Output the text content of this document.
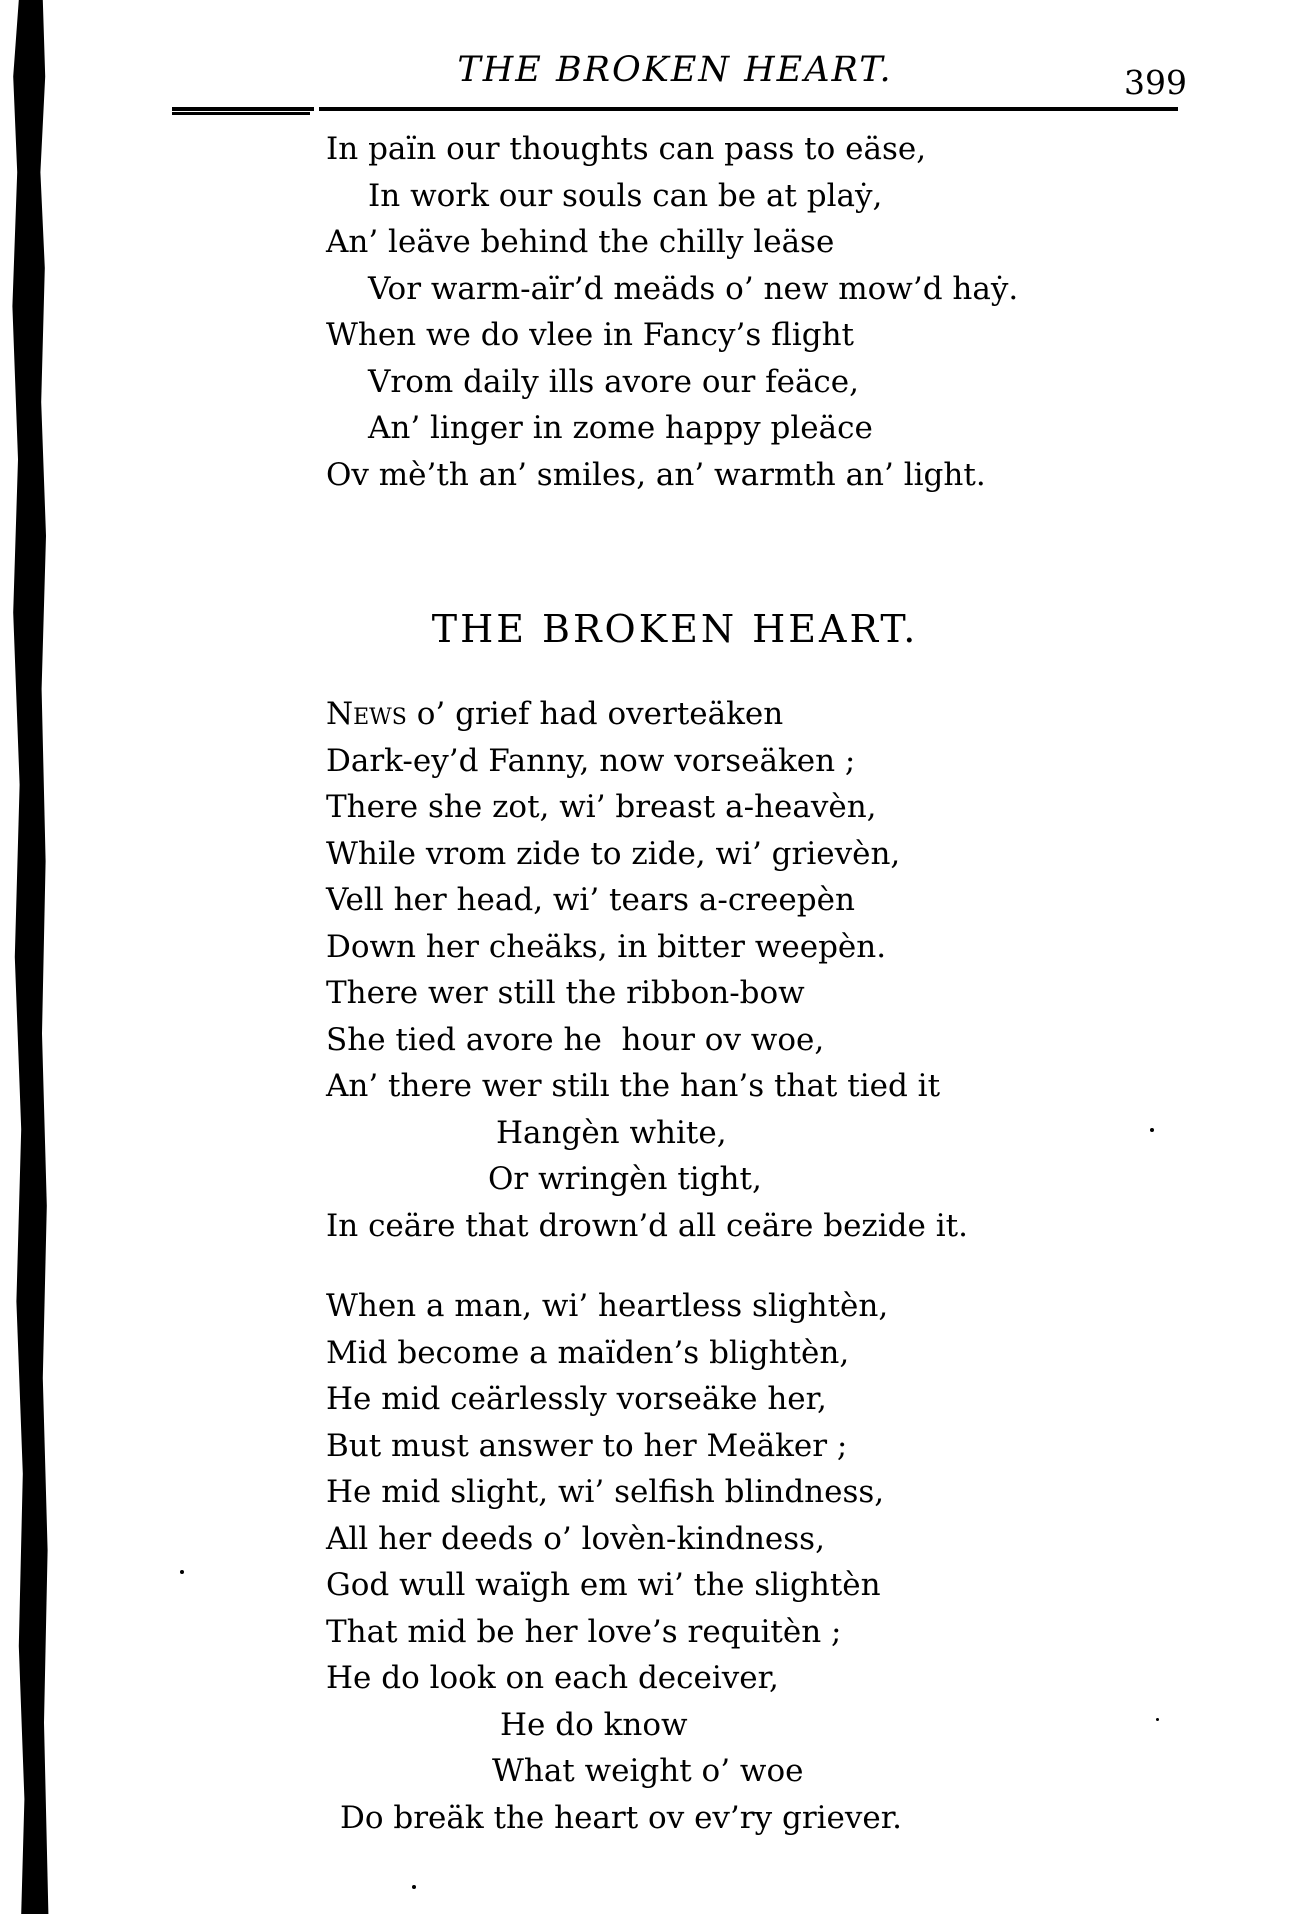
THE BROKEN HEART.	399
In païn our thoughts can pass to eäse,
In work our souls can be at plaẏ,
An’ leäve behind the chilly leäse
Vor warm-aïr’d meäds o’ new mow’d haẏ.
When we do vlee in Fancy’s flight
Vrom daily ills avore our feäce,
An’ linger in zome happy pleäce
Ov mè’th an’ smiles, an’ warmth an’ light.
THE BROKEN HEART.
News o’ grief had overteäken
Dark-ey’d Fanny, now vorseäken ;
There she zot, wi’ breast a-heavèn,
While vrom zide to zide, wi’ grievèn,
Vell her head, wi’ tears a-creepèn
Down her cheäks, in bitter weepèn.
There wer still the ribbon-bow
She tied avore he  hour ov woe,
An’ there wer stilı the han’s that tied it
Hangèn white,
Or wringèn tight,
In ceäre that drown’d all ceäre bezide it.
When a man, wi’ heartless slightèn,
Mid become a maïden’s blightèn,
He mid ceärlessly vorseäke her,
But must answer to her Meäker ;
He mid slight, wi’ selfish blindness,
All her deeds o’ lovèn-kindness,
God wull waïgh em wi’ the slightèn
That mid be her love’s requitèn ;
He do look on each deceiver,
He do know
What weight o’ woe
Do breäk the heart ov ev’ry griever.
